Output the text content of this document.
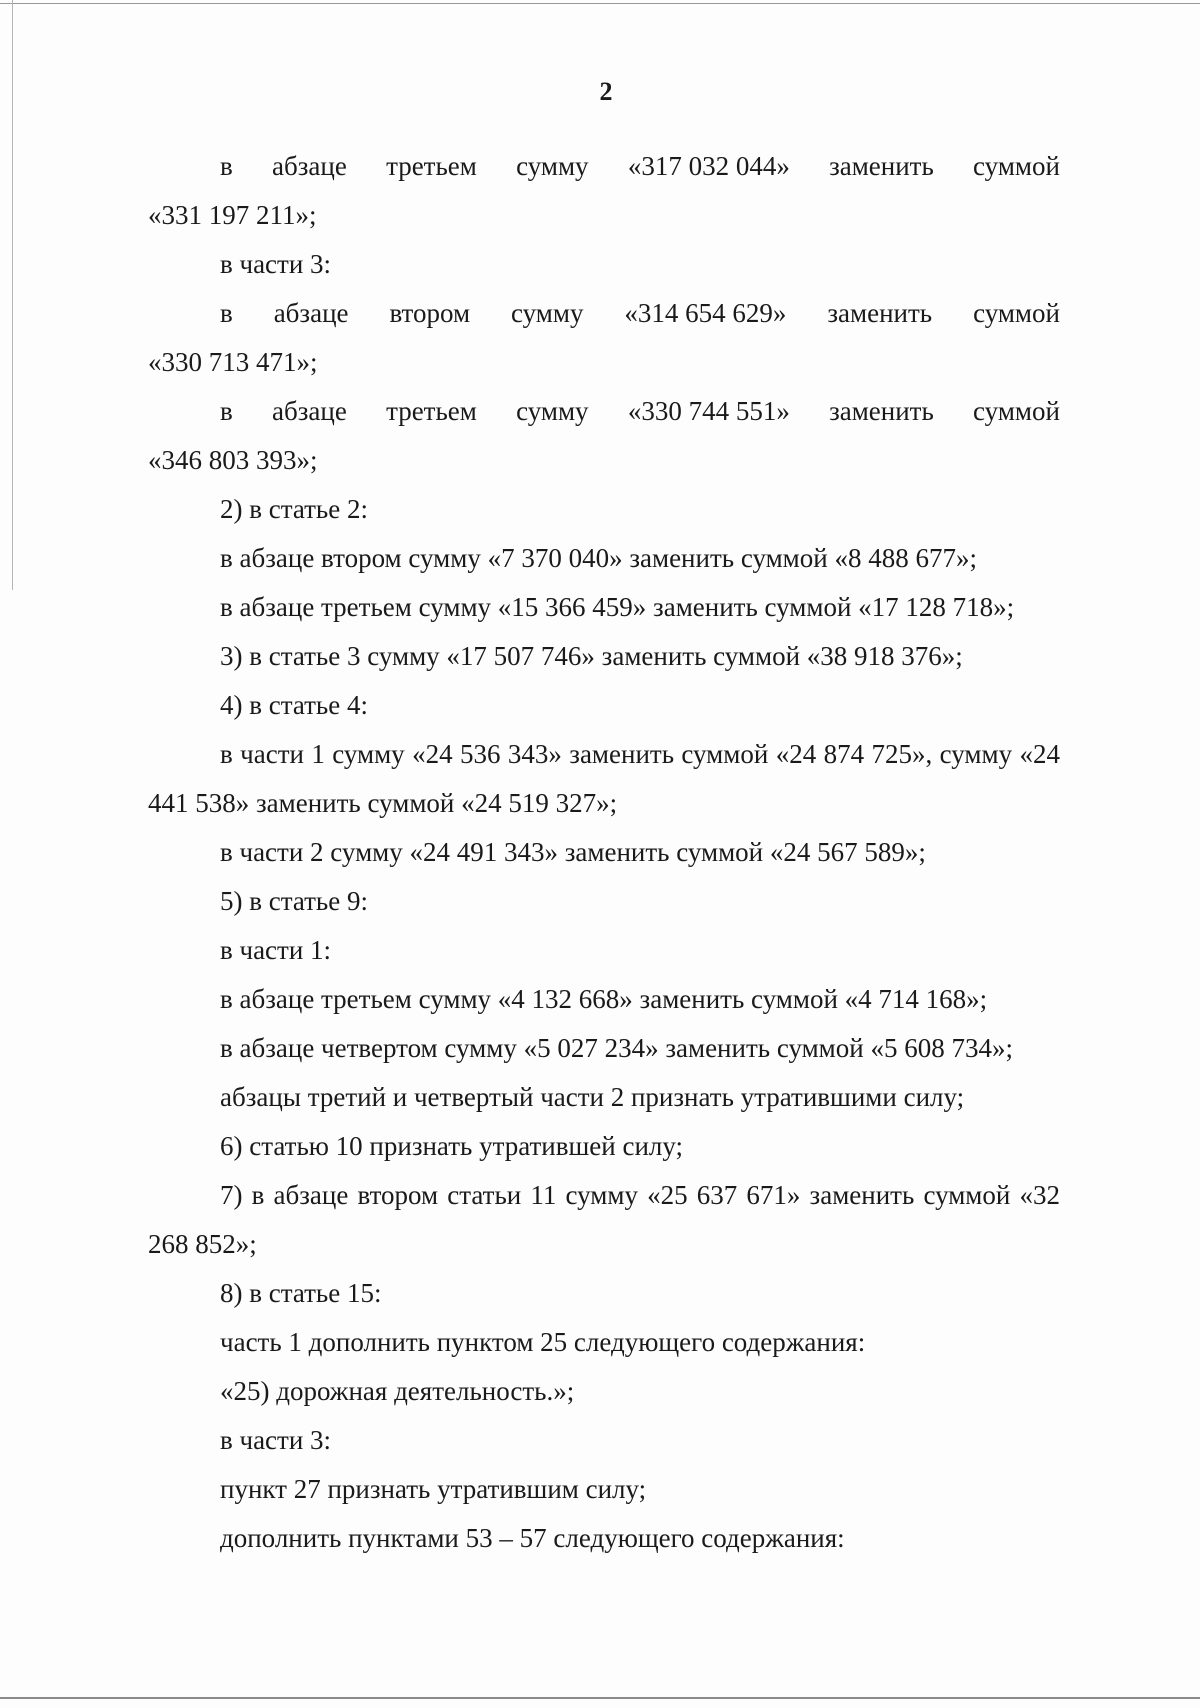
2

в абзаце третьем сумму «317 032 044» заменить суммой

«331 197 211»;

в части 3:

в абзаце втором сумму «314 654 629» заменить суммой

«330 713 471»;

в абзаце третьем сумму «330 744 551» заменить суммой

«346 803 393»;

2) в статье 2:

в абзаце втором сумму «7 370 040» заменить суммой «8 488 677»;

в абзаце третьем сумму «15 366 459» заменить суммой «17 128 718»;

3) в статье 3 сумму «17 507 746» заменить суммой «38 918 376»;

4) в статье 4:

в части 1 сумму «24 536 343» заменить суммой «24 874 725», сумму «24 441 538» заменить суммой «24 519 327»;

в части 2 сумму «24 491 343» заменить суммой «24 567 589»;

5) в статье 9:

в части 1:

в абзаце третьем сумму «4 132 668» заменить суммой «4 714 168»;

в абзаце четвертом сумму «5 027 234» заменить суммой «5 608 734»;

абзацы третий и четвертый части 2 признать утратившими силу;

6) статью 10 признать утратившей силу;

7) в абзаце втором статьи 11 сумму «25 637 671» заменить суммой «32 268 852»;

8) в статье 15:

часть 1 дополнить пунктом 25 следующего содержания:

«25) дорожная деятельность.»;

в части 3:

пункт 27 признать утратившим силу;

дополнить пунктами 53 – 57 следующего содержания:
